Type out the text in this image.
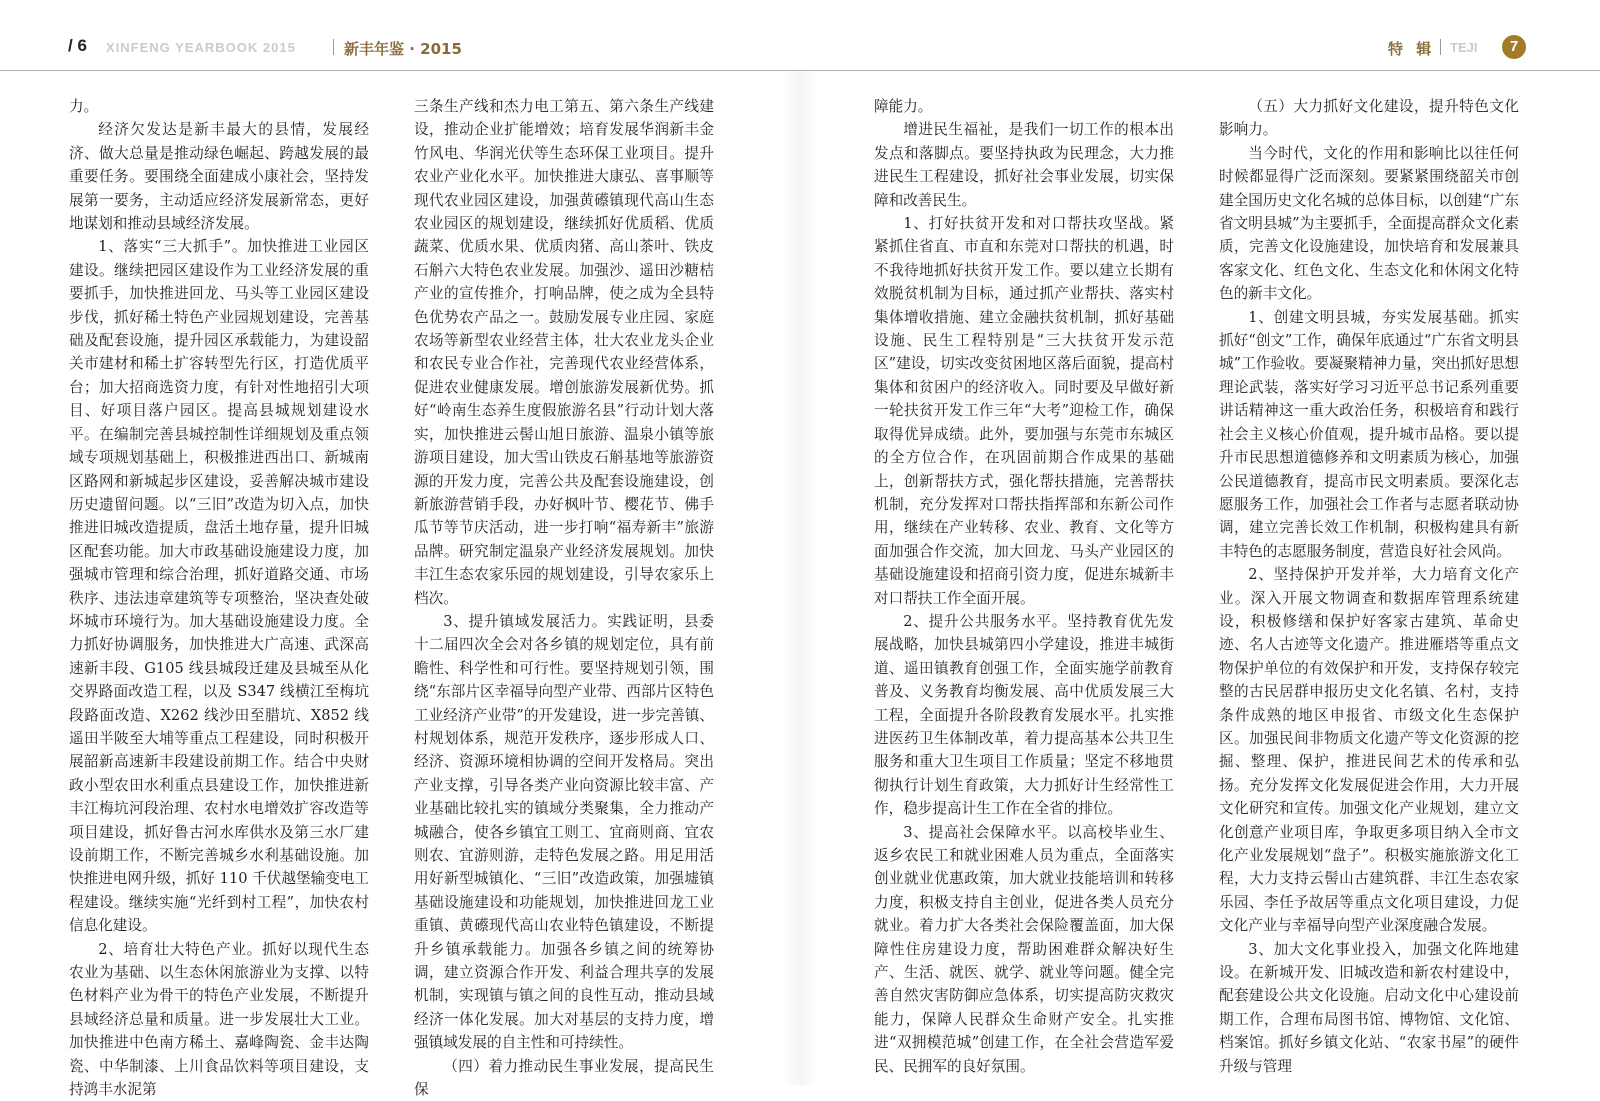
/ 6 XINFENG YEARBOOK 2015	新丰年鉴 · 2015	特 辑 TEJI	7

力。

经济欠发达是新丰最大的县情，发展经济、做大总量是推动绿色崛起、跨越发展的最重要任务。要围绕全面建成小康社会，坚持发展第一要务，主动适应经济发展新常态，更好地谋划和推动县域经济发展。

1、落实“三大抓手”。加快推进工业园区建设。继续把园区建设作为工业经济发展的重要抓手，加快推进回龙、马头等工业园区建设步伐，抓好稀土特色产业园规划建设，完善基础及配套设施，提升园区承载能力，为建设韶关市建材和稀土扩容转型先行区，打造优质平台；加大招商选资力度，有针对性地招引大项目、好项目落户园区。提高县城规划建设水平。在编制完善县城控制性详细规划及重点领域专项规划基础上，积极推进西出口、新城南区路网和新城起步区建设，妥善解决城市建设历史遗留问题。以“三旧”改造为切入点，加快推进旧城改造提质，盘活土地存量，提升旧城区配套功能。加大市政基础设施建设力度，加强城市管理和综合治理，抓好道路交通、市场秩序、违法违章建筑等专项整治，坚决查处破坏城市环境行为。加大基础设施建设力度。全力抓好协调服务，加快推进大广高速、武深高速新丰段、G105 线县城段迁建及县城至从化交界路面改造工程，以及 S347 线横江至梅坑段路面改造、X262 线沙田至腊坑、X852 线遥田半陂至大埔等重点工程建设，同时积极开展韶新高速新丰段建设前期工作。结合中央财政小型农田水利重点县建设工作，加快推进新丰江梅坑河段治理、农村水电增效扩容改造等项目建设，抓好鲁古河水库供水及第三水厂建设前期工作，不断完善城乡水利基础设施。加快推进电网升级，抓好 110 千伏越堡输变电工程建设。继续实施“光纤到村工程”，加快农村信息化建设。

2、培育壮大特色产业。抓好以现代生态农业为基础、以生态休闲旅游业为支撑、以特色材料产业为骨干的特色产业发展，不断提升县域经济总量和质量。进一步发展壮大工业。加快推进中色南方稀土、嘉峰陶瓷、金丰达陶瓷、中华制漆、上川食品饮料等项目建设，支持鸿丰水泥第

三条生产线和杰力电工第五、第六条生产线建设，推动企业扩能增效；培育发展华润新丰金竹风电、华润光伏等生态环保工业项目。提升农业产业化水平。加快推进大康弘、喜事顺等现代农业园区建设，加强黄礤镇现代高山生态农业园区的规划建设，继续抓好优质稻、优质蔬菜、优质水果、优质肉猪、高山茶叶、铁皮石斛六大特色农业发展。加强沙、遥田沙糖桔产业的宣传推介，打响品牌，使之成为全县特色优势农产品之一。鼓励发展专业庄园、家庭农场等新型农业经营主体，壮大农业龙头企业和农民专业合作社，完善现代农业经营体系，促进农业健康发展。增创旅游发展新优势。抓好“岭南生态养生度假旅游名县”行动计划大落实，加快推进云髻山旭日旅游、温泉小镇等旅游项目建设，加大雪山铁皮石斛基地等旅游资源的开发力度，完善公共及配套设施建设，创新旅游营销手段，办好枫叶节、樱花节、佛手瓜节等节庆活动，进一步打响“福寿新丰”旅游品牌。研究制定温泉产业经济发展规划。加快丰江生态农家乐园的规划建设，引导农家乐上档次。

3、提升镇域发展活力。实践证明，县委十二届四次全会对各乡镇的规划定位，具有前瞻性、科学性和可行性。要坚持规划引领，围绕“东部片区幸福导向型产业带、西部片区特色工业经济产业带”的开发建设，进一步完善镇、村规划体系，规范开发秩序，逐步形成人口、经济、资源环境相协调的空间开发格局。突出产业支撑，引导各类产业向资源比较丰富、产业基础比较扎实的镇域分类聚集，全力推动产城融合，使各乡镇宜工则工、宜商则商、宜农则农、宜游则游，走特色发展之路。用足用活用好新型城镇化、“三旧”改造政策，加强墟镇基础设施建设和功能规划，加快推进回龙工业重镇、黄礤现代高山农业特色镇建设，不断提升乡镇承载能力。加强各乡镇之间的统筹协调，建立资源合作开发、利益合理共享的发展机制，实现镇与镇之间的良性互动，推动县域经济一体化发展。加大对基层的支持力度，增强镇域发展的自主性和可持续性。

（四）着力推动民生事业发展，提高民生保

障能力。

增进民生福祉，是我们一切工作的根本出发点和落脚点。要坚持执政为民理念，大力推进民生工程建设，抓好社会事业发展，切实保障和改善民生。

1、打好扶贫开发和对口帮扶攻坚战。紧紧抓住省直、市直和东莞对口帮扶的机遇，时不我待地抓好扶贫开发工作。要以建立长期有效脱贫机制为目标，通过抓产业帮扶、落实村集体增收措施、建立金融扶贫机制，抓好基础设施、民生工程特别是“三大扶贫开发示范区”建设，切实改变贫困地区落后面貌，提高村集体和贫困户的经济收入。同时要及早做好新一轮扶贫开发工作三年“大考”迎检工作，确保取得优异成绩。此外，要加强与东莞市东城区的全方位合作，在巩固前期合作成果的基础上，创新帮扶方式，强化帮扶措施，完善帮扶机制，充分发挥对口帮扶指挥部和东新公司作用，继续在产业转移、农业、教育、文化等方面加强合作交流，加大回龙、马头产业园区的基础设施建设和招商引资力度，促进东城新丰对口帮扶工作全面开展。

2、提升公共服务水平。坚持教育优先发展战略，加快县城第四小学建设，推进丰城街道、遥田镇教育创强工作，全面实施学前教育普及、义务教育均衡发展、高中优质发展三大工程，全面提升各阶段教育发展水平。扎实推进医药卫生体制改革，着力提高基本公共卫生服务和重大卫生项目工作质量；坚定不移地贯彻执行计划生育政策，大力抓好计生经常性工作，稳步提高计生工作在全省的排位。

3、提高社会保障水平。以高校毕业生、返乡农民工和就业困难人员为重点，全面落实创业就业优惠政策，加大就业技能培训和转移力度，积极支持自主创业，促进各类人员充分就业。着力扩大各类社会保险覆盖面，加大保障性住房建设力度，帮助困难群众解决好生产、生活、就医、就学、就业等问题。健全完善自然灾害防御应急体系，切实提高防灾救灾能力，保障人民群众生命财产安全。扎实推进“双拥模范城”创建工作，在全社会营造军爱民、民拥军的良好氛围。

（五）大力抓好文化建设，提升特色文化影响力。

当今时代，文化的作用和影响比以往任何时候都显得广泛而深刻。要紧紧围绕韶关市创建全国历史文化名城的总体目标，以创建“广东省文明县城”为主要抓手，全面提高群众文化素质，完善文化设施建设，加快培育和发展兼具客家文化、红色文化、生态文化和休闲文化特色的新丰文化。

1、创建文明县城，夯实发展基础。抓实抓好“创文”工作，确保年底通过“广东省文明县城”工作验收。要凝聚精神力量，突出抓好思想理论武装，落实好学习习近平总书记系列重要讲话精神这一重大政治任务，积极培育和践行社会主义核心价值观，提升城市品格。要以提升市民思想道德修养和文明素质为核心，加强公民道德教育，提高市民文明素质。要深化志愿服务工作，加强社会工作者与志愿者联动协调，建立完善长效工作机制，积极构建具有新丰特色的志愿服务制度，营造良好社会风尚。

2、坚持保护开发并举，大力培育文化产业。深入开展文物调查和数据库管理系统建设，积极修缮和保护好客家古建筑、革命史迹、名人古迹等文化遗产。推进雁塔等重点文物保护单位的有效保护和开发，支持保存较完整的古民居群申报历史文化名镇、名村，支持条件成熟的地区申报省、市级文化生态保护区。加强民间非物质文化遗产等文化资源的挖掘、整理、保护，推进民间艺术的传承和弘扬。充分发挥文化发展促进会作用，大力开展文化研究和宣传。加强文化产业规划，建立文化创意产业项目库，争取更多项目纳入全市文化产业发展规划“盘子”。积极实施旅游文化工程，大力支持云髻山古建筑群、丰江生态农家乐园、李任予故居等重点文化项目建设，力促文化产业与幸福导向型产业深度融合发展。

3、加大文化事业投入，加强文化阵地建设。在新城开发、旧城改造和新农村建设中，配套建设公共文化设施。启动文化中心建设前期工作，合理布局图书馆、博物馆、文化馆、档案馆。抓好乡镇文化站、“农家书屋”的硬件升级与管理
